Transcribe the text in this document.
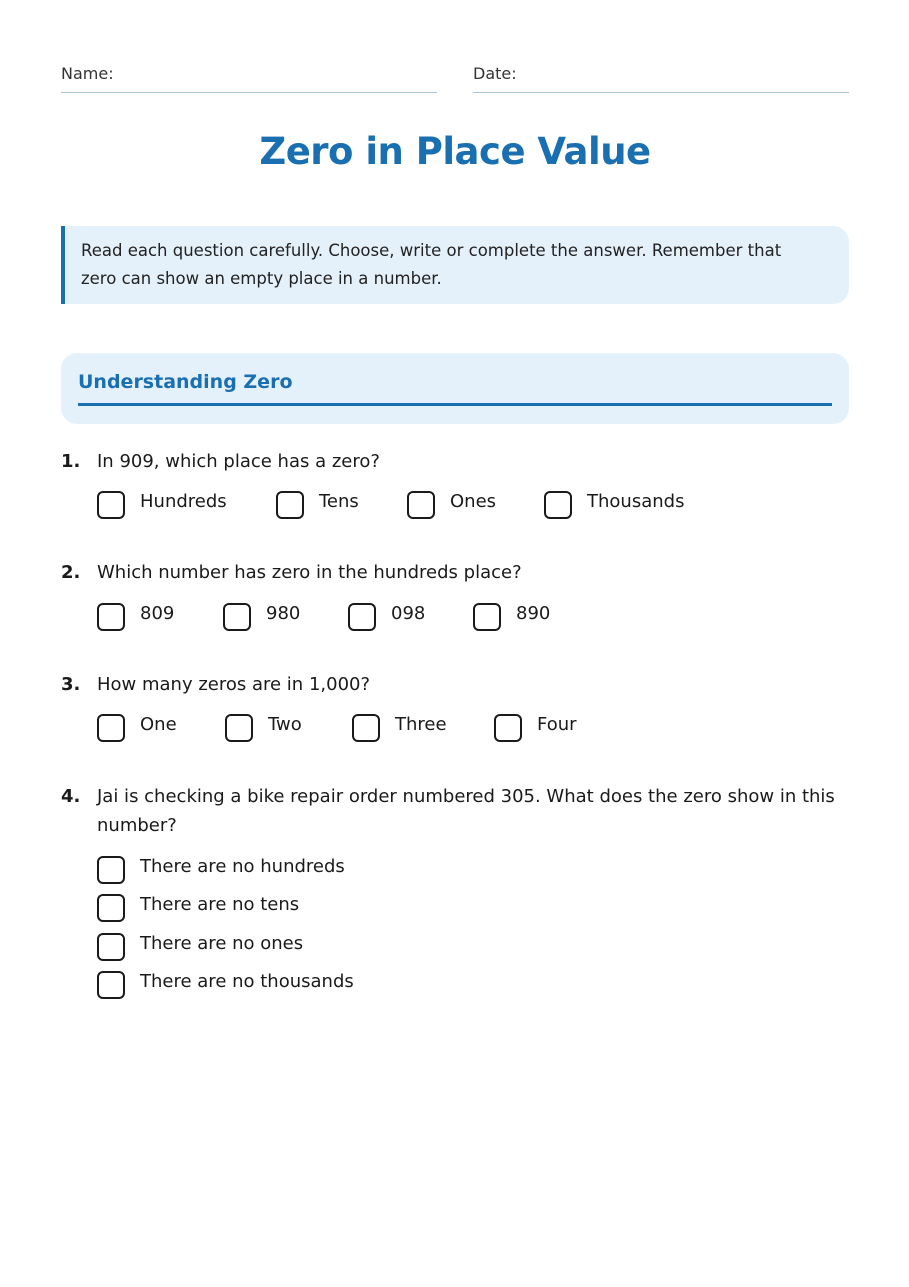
Name:	Date:
Zero in Place Value
Read each question carefully. Choose, write or complete the answer. Remember that zero can show an empty place in a number.
Understanding Zero
1. In 909, which place has a zero?
Hundreds	Tens	Ones	Thousands
2. Which number has zero in the hundreds place?
809	980	098	890
3. How many zeros are in 1,000?
One	Two	Three	Four
4. Jai is checking a bike repair order numbered 305. What does the zero show in this number?
There are no hundreds
There are no tens
There are no ones
There are no thousands
